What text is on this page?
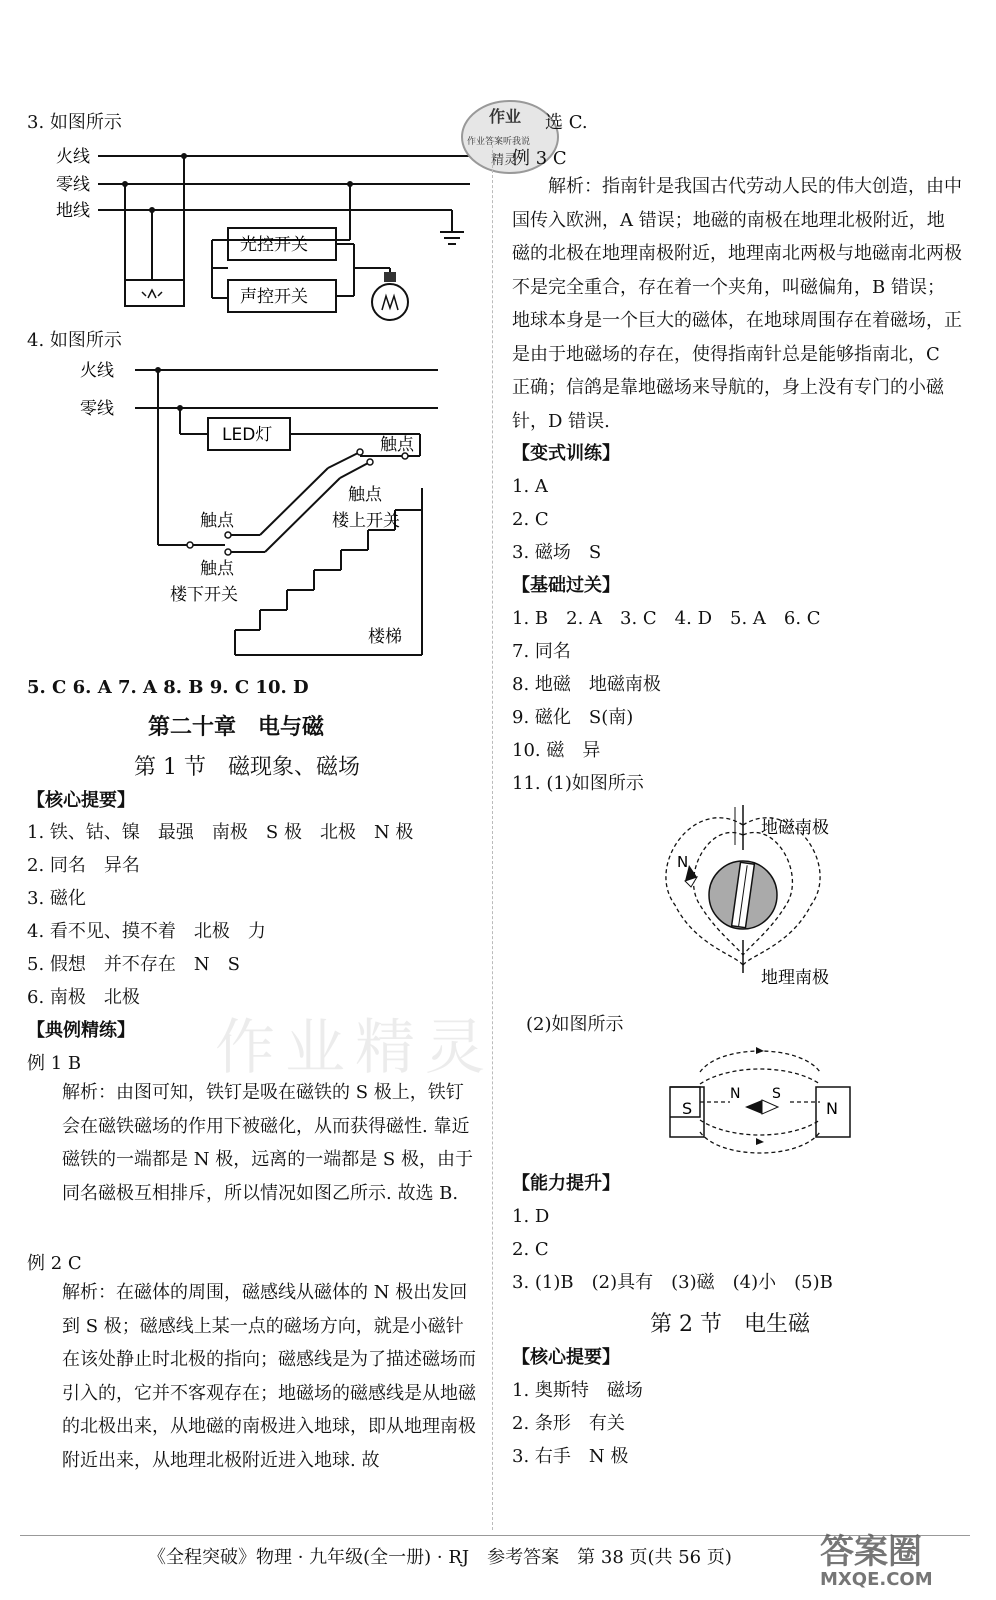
3. 如图所示
火线
零线
地线
光控开关
声控开关
4. 如图所示
火线
零线
LED灯	触点
触点
楼上开关
触点
触点
楼下开关
楼梯
5. C 6. A 7. A 8. B 9. C 10. D
第二十章　电与磁
第 1 节　磁现象、磁场
【核心提要】
1. 铁、钴、镍　最强　南极　S 极　北极　N 极
2. 同名　异名
3. 磁化
4. 看不见、摸不着　北极　力
5. 假想　并不存在　N　S
6. 南极　北极
【典例精练】
例 1 B
解析：由图可知，铁钉是吸在磁铁的 S 极上，铁钉会在磁铁磁场的作用下被磁化，从而获得磁性. 靠近磁铁的一端都是 N 极，远离的一端都是 S 极，由于同名磁极互相排斥，所以情况如图乙所示. 故选 B.
例 2 C
解析：在磁体的周围，磁感线从磁体的 N 极出发回到 S 极；磁感线上某一点的磁场方向，就是小磁针在该处静止时北极的指向；磁感线是为了描述磁场而引入的，它并不客观存在；地磁场的磁感线是从地磁的北极出来，从地磁的南极进入地球，即从地理南极附近出来，从地理北极附近进入地球. 故
作业精灵
作业
作业答案听我说
精灵
选 C.
例 3 C
解析：指南针是我国古代劳动人民的伟大创造，由中国传入欧洲，A 错误；地磁的南极在地理北极附近，地磁的北极在地理南极附近，地理南北两极与地磁南北两极不是完全重合，存在着一个夹角，叫磁偏角，B 错误；地球本身是一个巨大的磁体，在地球周围存在着磁场，正是由于地磁场的存在，使得指南针总是能够指南北，C 正确；信鸽是靠地磁场来导航的，身上没有专门的小磁针，D 错误.
【变式训练】
1. A
2. C
3. 磁场　S
【基础过关】
1. B　2. A　3. C　4. D　5. A　6. C
7. 同名
8. 地磁　地磁南极
9. 磁化　S(南)
10. 磁　异
11. (1)如图所示
N
地磁南极
地理南极
(2)如图所示
S	N
N S
【能力提升】
1. D
2. C
3. (1)B　(2)具有　(3)磁　(4)小　(5)B
第 2 节　电生磁
【核心提要】
1. 奥斯特　磁场
2. 条形　有关
3. 右手　N 极
《全程突破》物理 · 九年级(全一册) · RJ　参考答案　第 38 页(共 56 页)	答案圈
MXQE.COM
